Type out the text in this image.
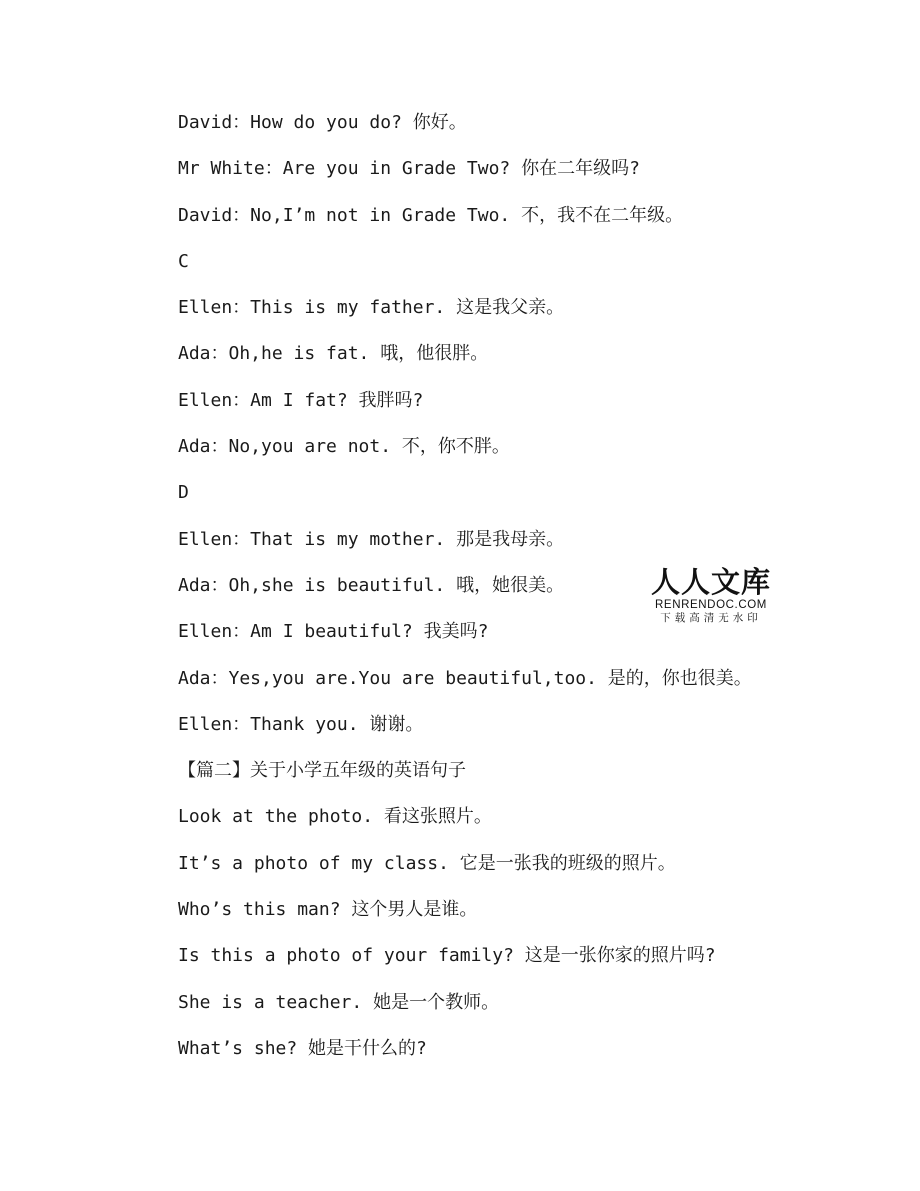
David：How do you do? 你好。
Mr White：Are you in Grade Two? 你在二年级吗?
David：No,I’m not in Grade Two. 不，我不在二年级。
C
Ellen：This is my father. 这是我父亲。
Ada：Oh,he is fat. 哦，他很胖。
Ellen：Am I fat? 我胖吗?
Ada：No,you are not. 不，你不胖。
D
Ellen：That is my mother. 那是我母亲。
Ada：Oh,she is beautiful. 哦，她很美。
Ellen：Am I beautiful? 我美吗?
Ada：Yes,you are.You are beautiful,too. 是的，你也很美。
Ellen：Thank you. 谢谢。
【篇二】关于小学五年级的英语句子
Look at the photo. 看这张照片。
It’s a photo of my class. 它是一张我的班级的照片。
Who’s this man? 这个男人是谁。
Is this a photo of your family? 这是一张你家的照片吗?
She is a teacher. 她是一个教师。
What’s she? 她是干什么的?
人人文库
RENRENDOC.COM
下载高清无水印
